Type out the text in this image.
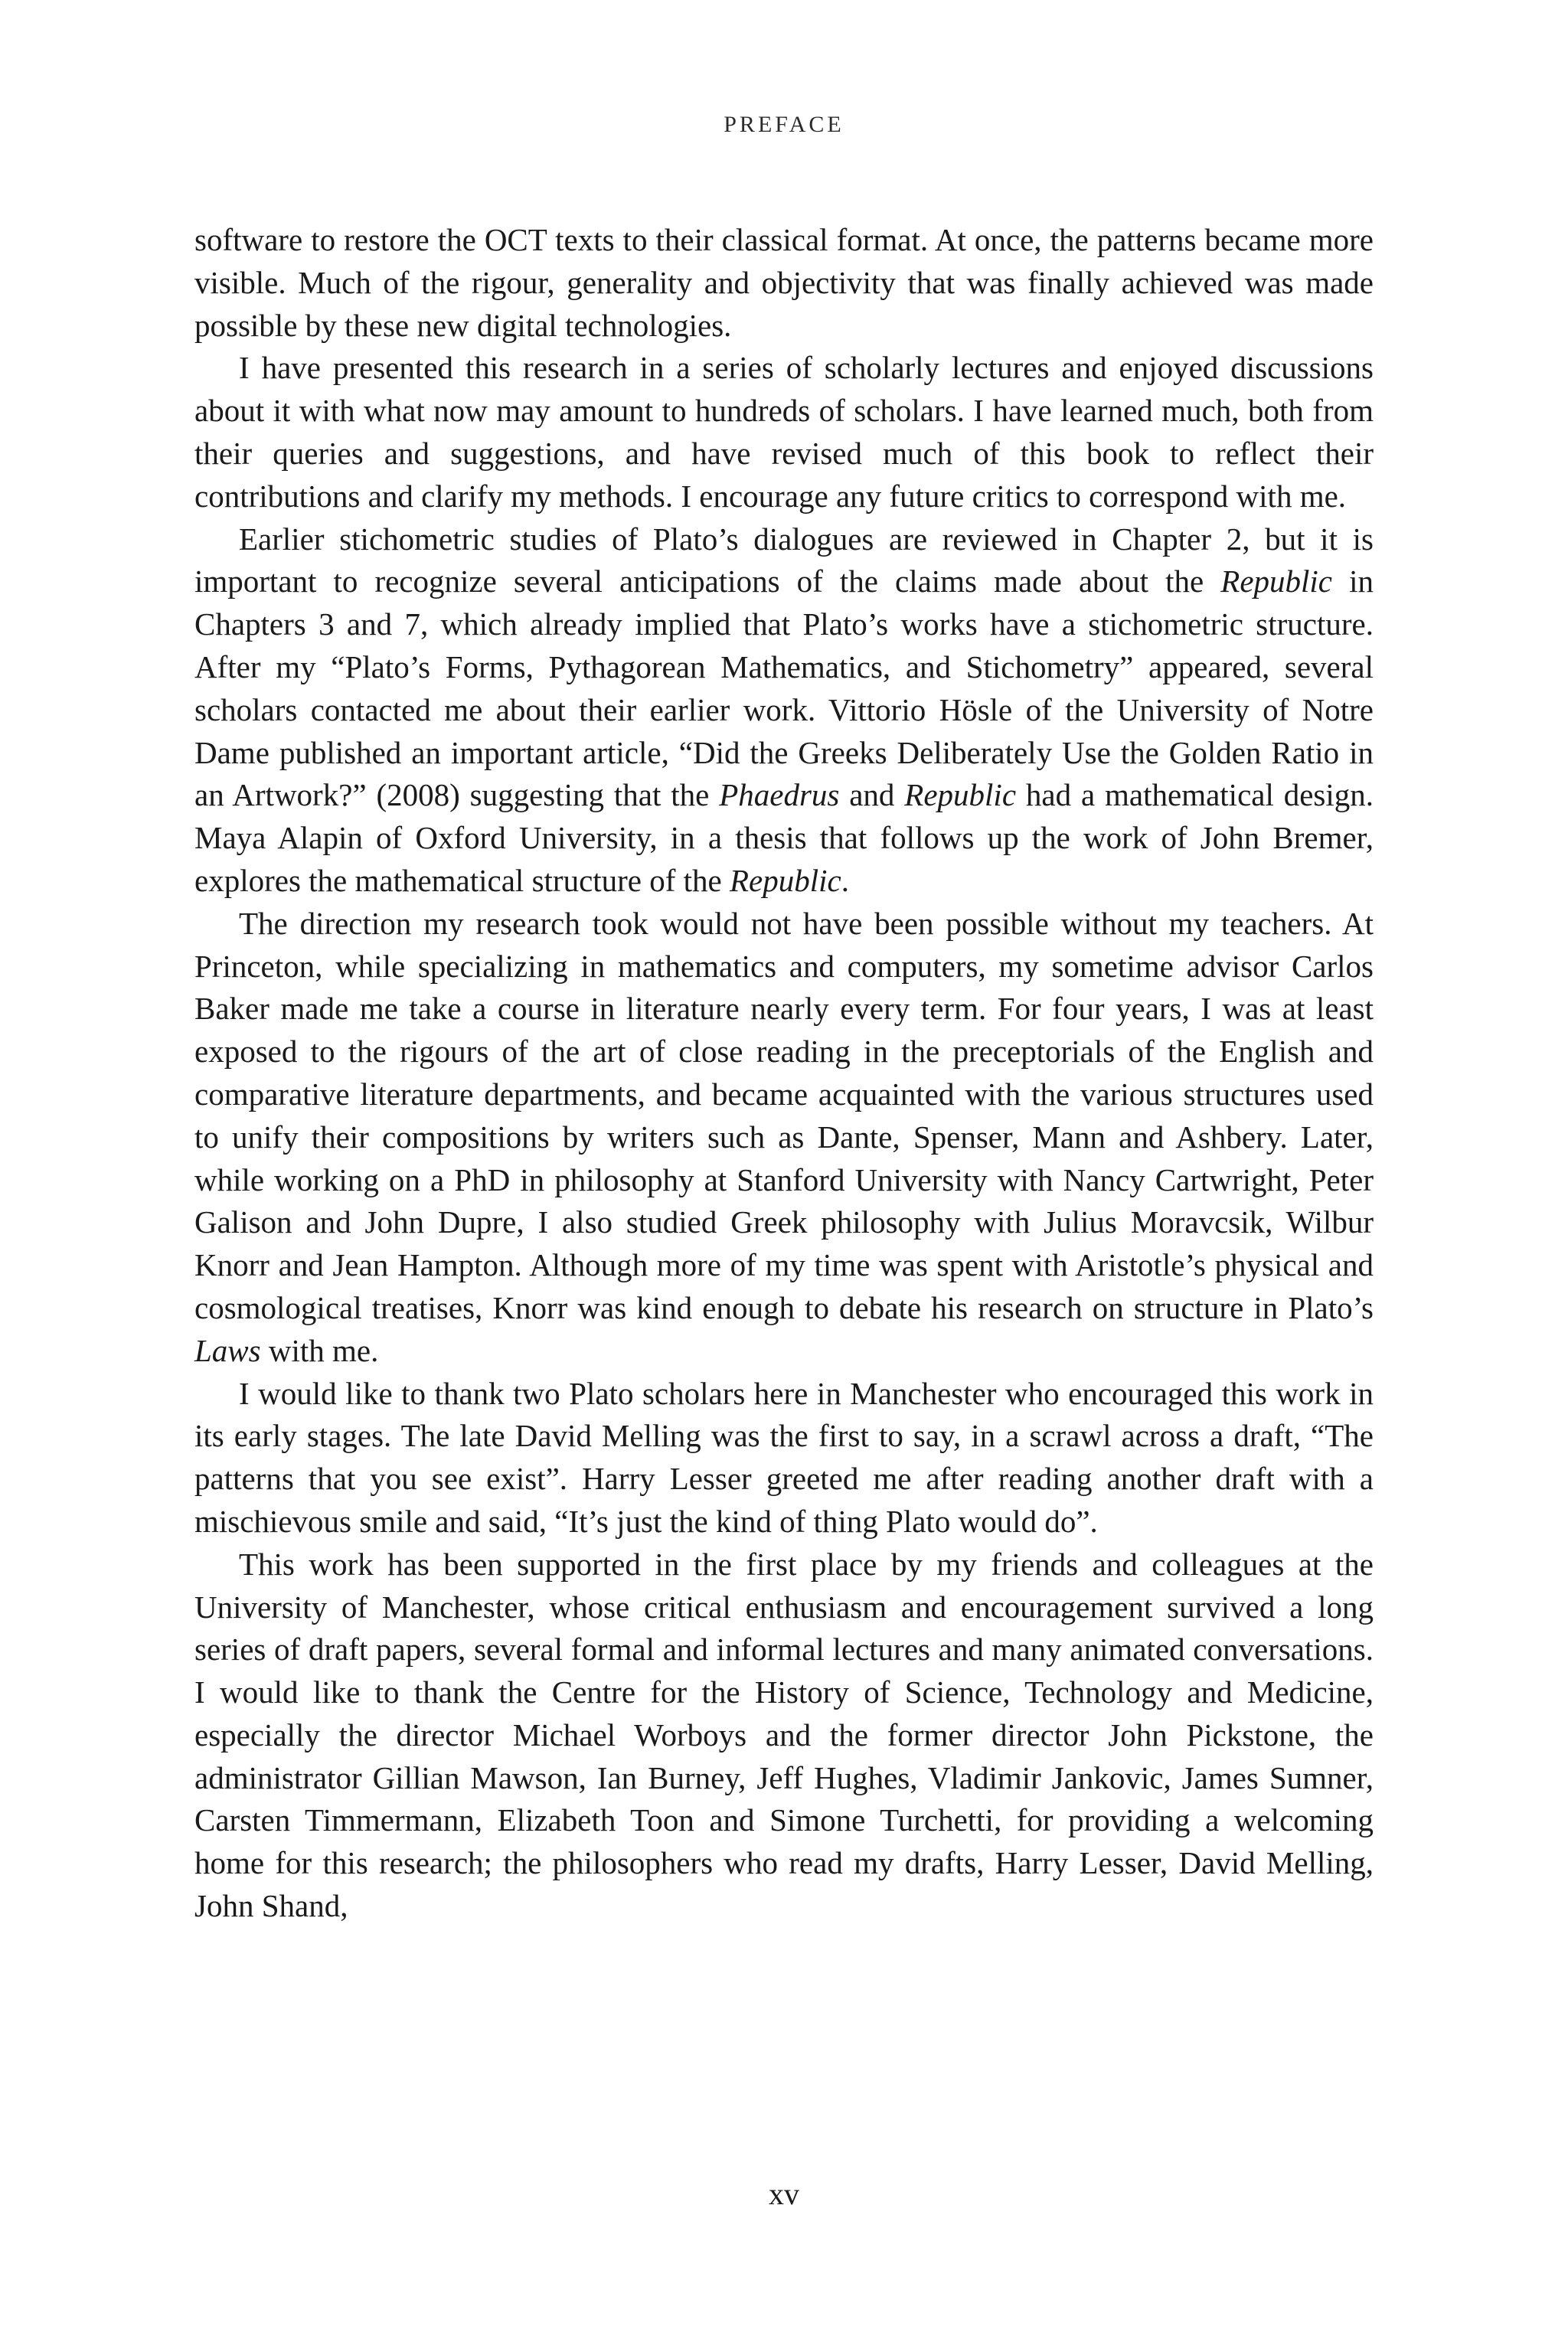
PREFACE

software to restore the OCT texts to their classical format. At once, the patterns became more visible. Much of the rigour, generality and objectivity that was finally achieved was made possible by these new digital technologies.

I have presented this research in a series of scholarly lectures and enjoyed discussions about it with what now may amount to hundreds of scholars. I have learned much, both from their queries and suggestions, and have revised much of this book to reflect their contributions and clarify my methods. I encourage any future critics to correspond with me.

Earlier stichometric studies of Plato’s dialogues are reviewed in Chapter 2, but it is important to recognize several anticipations of the claims made about the Republic in Chapters 3 and 7, which already implied that Plato’s works have a stichometric structure. After my “Plato’s Forms, Pythagorean Mathematics, and Stichometry” appeared, several scholars contacted me about their earlier work. Vittorio Hösle of the University of Notre Dame published an important article, “Did the Greeks Deliberately Use the Golden Ratio in an Artwork?” (2008) suggesting that the Phaedrus and Republic had a mathematical design. Maya Alapin of Oxford University, in a thesis that follows up the work of John Bremer, explores the mathematical structure of the Republic.

The direction my research took would not have been possible without my teachers. At Princeton, while specializing in mathematics and computers, my sometime advisor Carlos Baker made me take a course in literature nearly every term. For four years, I was at least exposed to the rigours of the art of close reading in the preceptorials of the English and comparative literature departments, and became acquainted with the various structures used to unify their compositions by writers such as Dante, Spenser, Mann and Ashbery. Later, while working on a PhD in philosophy at Stanford University with Nancy Cartwright, Peter Galison and John Dupre, I also studied Greek philosophy with Julius Moravcsik, Wilbur Knorr and Jean Hampton. Although more of my time was spent with Aristotle’s physical and cosmological treatises, Knorr was kind enough to debate his research on structure in Plato’s Laws with me.

I would like to thank two Plato scholars here in Manchester who encouraged this work in its early stages. The late David Melling was the first to say, in a scrawl across a draft, “The patterns that you see exist”. Harry Lesser greeted me after reading another draft with a mischievous smile and said, “It’s just the kind of thing Plato would do”.

This work has been supported in the first place by my friends and colleagues at the University of Manchester, whose critical enthusiasm and encouragement survived a long series of draft papers, several formal and informal lectures and many animated conversations. I would like to thank the Centre for the History of Science, Technology and Medicine, especially the director Michael Worboys and the former director John Pickstone, the administrator Gillian Mawson, Ian Burney, Jeff Hughes, Vladimir Jankovic, James Sumner, Carsten Timmermann, Elizabeth Toon and Simone Turchetti, for providing a welcoming home for this research; the philosophers who read my drafts, Harry Lesser, David Melling, John Shand,

xv
